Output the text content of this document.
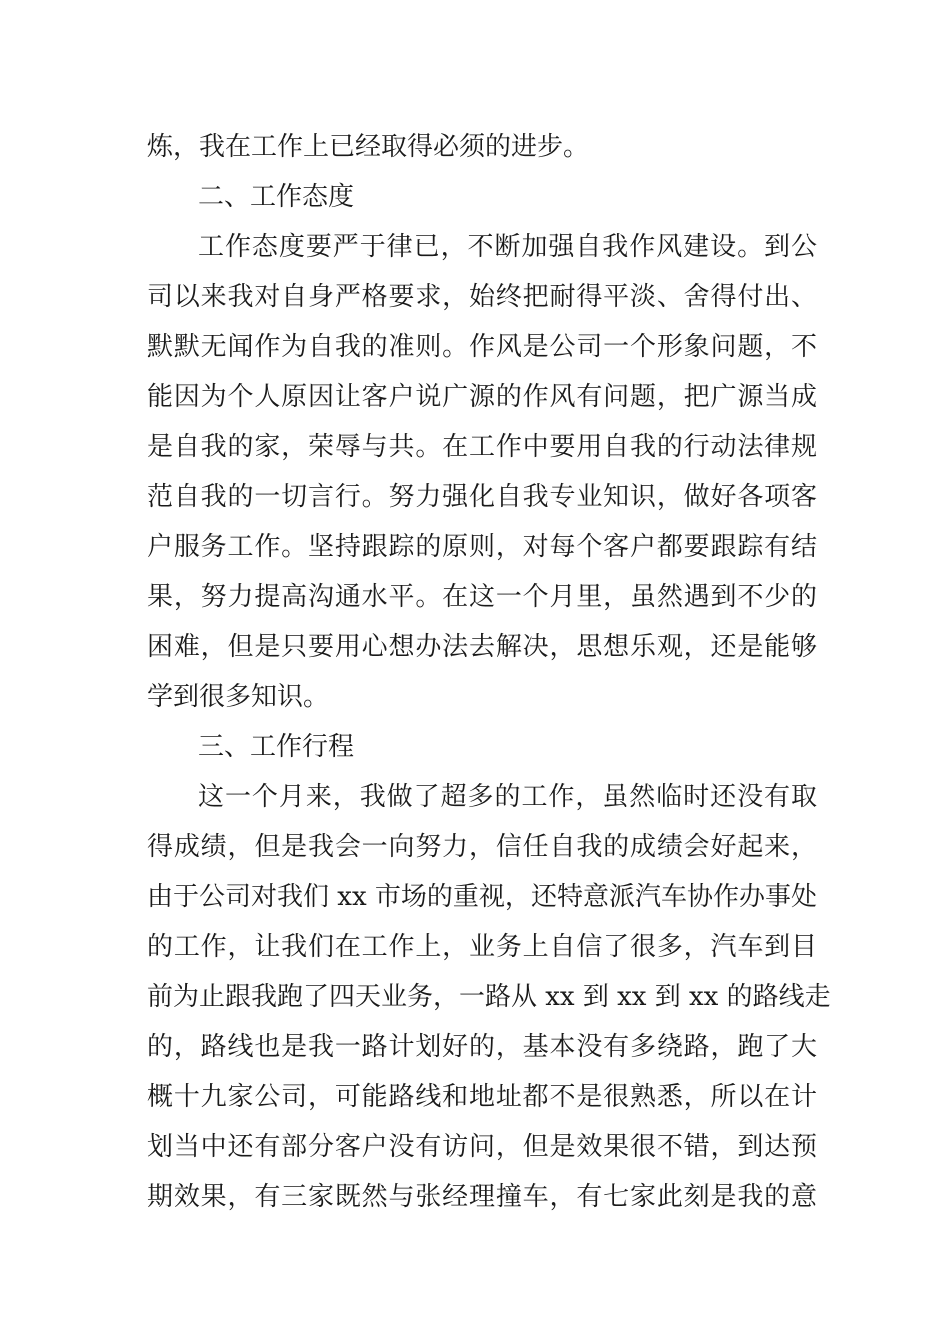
炼，我在工作上已经取得必须的进步。
二、工作态度
工作态度要严于律已，不断加强自我作风建设。到公
司以来我对自身严格要求，始终把耐得平淡、舍得付出、
默默无闻作为自我的准则。作风是公司一个形象问题，不
能因为个人原因让客户说广源的作风有问题，把广源当成
是自我的家，荣辱与共。在工作中要用自我的行动法律规
范自我的一切言行。努力强化自我专业知识，做好各项客
户服务工作。坚持跟踪的原则，对每个客户都要跟踪有结
果，努力提高沟通水平。在这一个月里，虽然遇到不少的
困难，但是只要用心想办法去解决，思想乐观，还是能够
学到很多知识。
三、工作行程
这一个月来，我做了超多的工作，虽然临时还没有取
得成绩，但是我会一向努力，信任自我的成绩会好起来，
由于公司对我们 xx 市场的重视，还特意派汽车协作办事处
的工作，让我们在工作上，业务上自信了很多，汽车到目
前为止跟我跑了四天业务，一路从 xx 到 xx 到 xx 的路线走
的，路线也是我一路计划好的，基本没有多绕路，跑了大
概十九家公司，可能路线和地址都不是很熟悉，所以在计
划当中还有部分客户没有访问，但是效果很不错，到达预
期效果，有三家既然与张经理撞车，有七家此刻是我的意
